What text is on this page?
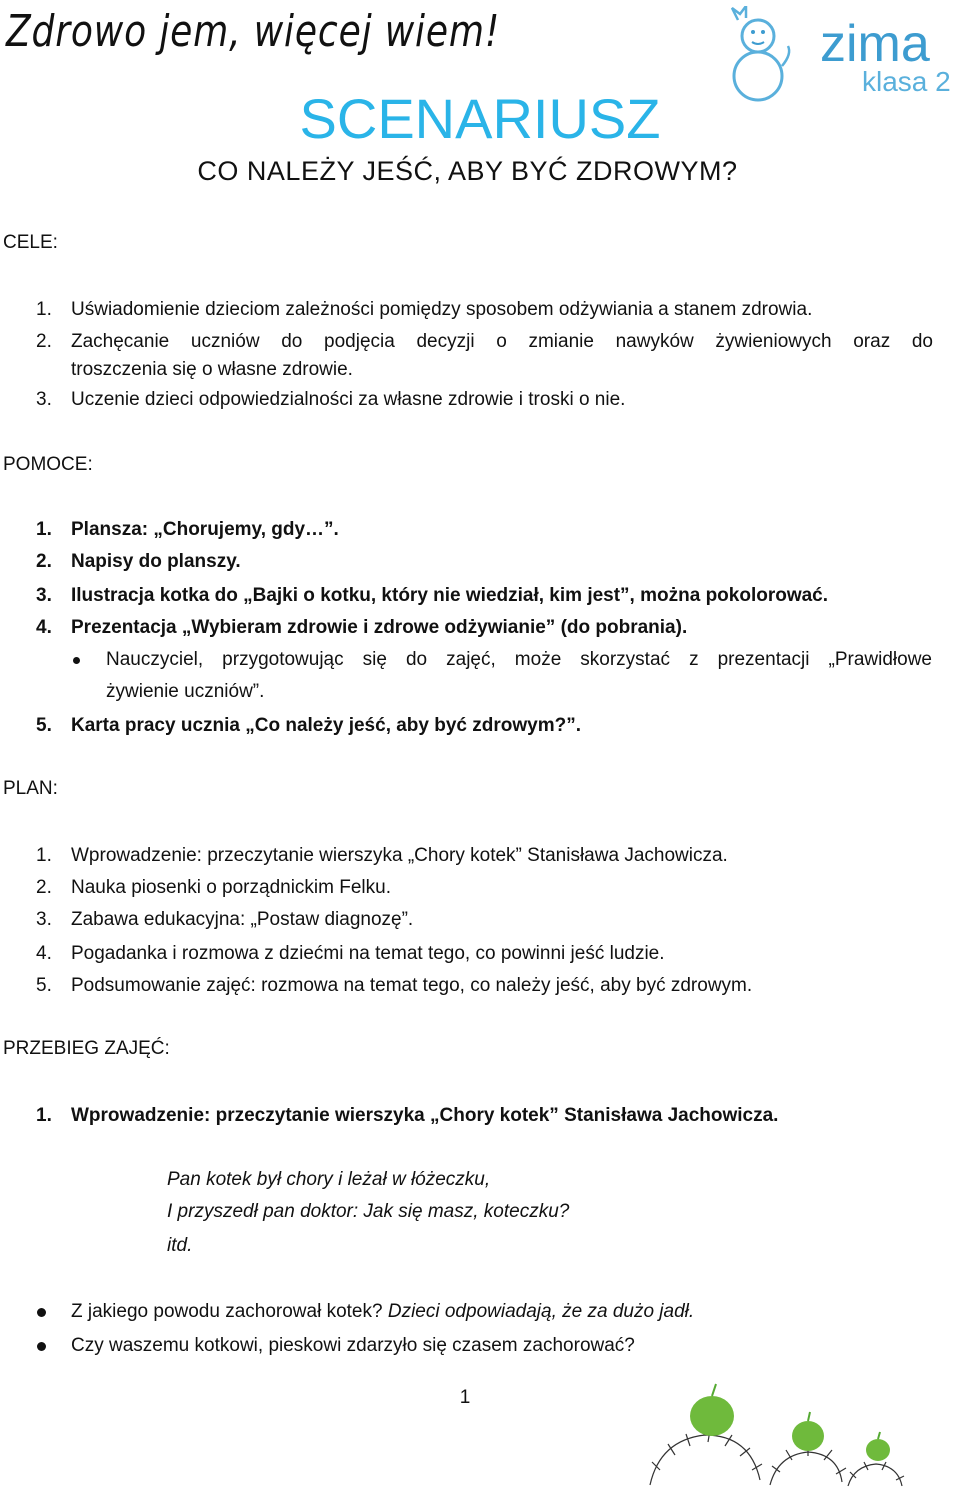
Zdrowo jem, więcej wiem!	zima
klasa 2
SCENARIUSZ
CO NALEŻY JEŚĆ, ABY BYĆ ZDROWYM?
CELE:
1. Uświadomienie dzieciom zależności pomiędzy sposobem odżywiania a stanem zdrowia.
2. Zachęcanie uczniów do podjęcia decyzji o zmianie nawyków żywieniowych oraz do
troszczenia się o własne zdrowie.
3. Uczenie dzieci odpowiedzialności za własne zdrowie i troski o nie.
POMOCE:
1. Plansza: „Chorujemy, gdy…”.
2. Napisy do planszy.
3. Ilustracja kotka do „Bajki o kotku, który nie wiedział, kim jest”, można pokolorować.
4. Prezentacja „Wybieram zdrowie i zdrowe odżywianie” (do pobrania).
Nauczyciel, przygotowując się do zajęć, może skorzystać z prezentacji „Prawidłowe
żywienie uczniów”.
5. Karta pracy ucznia „Co należy jeść, aby być zdrowym?”.
PLAN:
1. Wprowadzenie: przeczytanie wierszyka „Chory kotek” Stanisława Jachowicza.
2. Nauka piosenki o porządnickim Felku.
3. Zabawa edukacyjna: „Postaw diagnozę”.
4. Pogadanka i rozmowa z dziećmi na temat tego, co powinni jeść ludzie.
5. Podsumowanie zajęć: rozmowa na temat tego, co należy jeść, aby być zdrowym.
PRZEBIEG ZAJĘĆ:
1. Wprowadzenie: przeczytanie wierszyka „Chory kotek” Stanisława Jachowicza.
Pan kotek był chory i leżał w łóżeczku,
I przyszedł pan doktor: Jak się masz, koteczku?
itd.
Z jakiego powodu zachorował kotek? Dzieci odpowiadają, że za dużo jadł.
Czy waszemu kotkowi, pieskowi zdarzyło się czasem zachorować?
1
